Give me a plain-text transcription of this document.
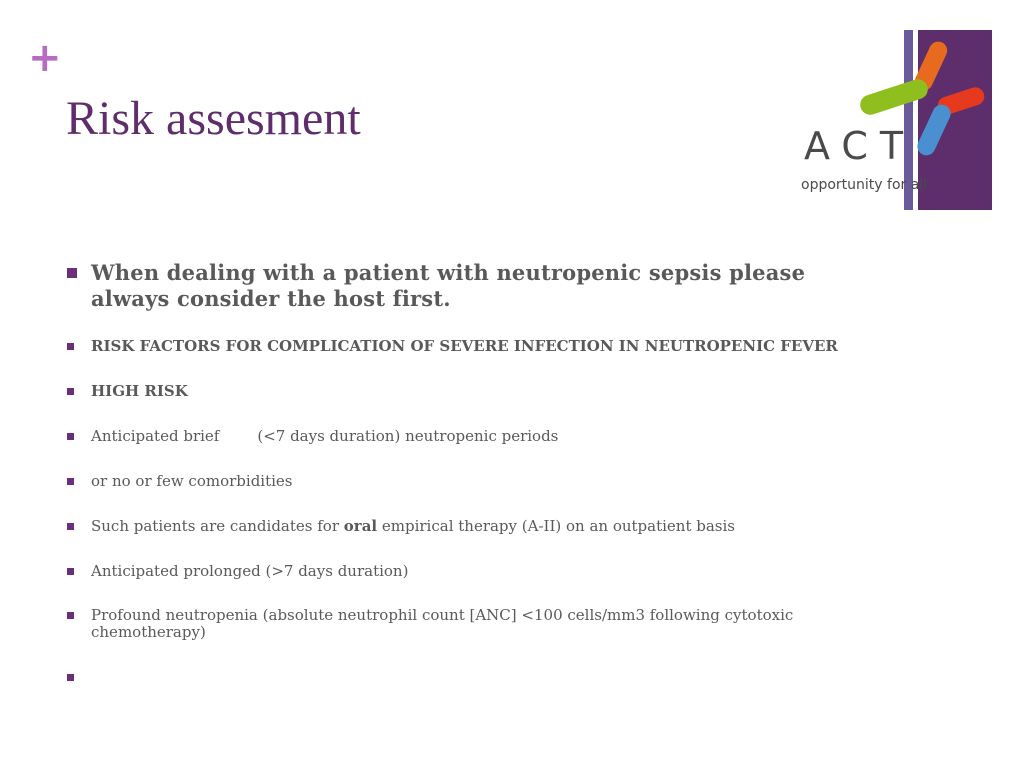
+
Risk assesment
ACT
opportunity for all
When dealing with a patient with neutropenic sepsis please always consider the host first.
RISK FACTORS FOR COMPLICATION OF SEVERE INFECTION IN NEUTROPENIC FEVER
HIGH RISK
Anticipated brief	(<7 days duration) neutropenic periods
or no or few comorbidities
Such patients are candidates for oral empirical therapy (A-II) on an outpatient basis
Anticipated prolonged (>7 days duration)
Profound neutropenia (absolute neutrophil count [ANC] <100 cells/mm3 following cytotoxic chemotherapy)
